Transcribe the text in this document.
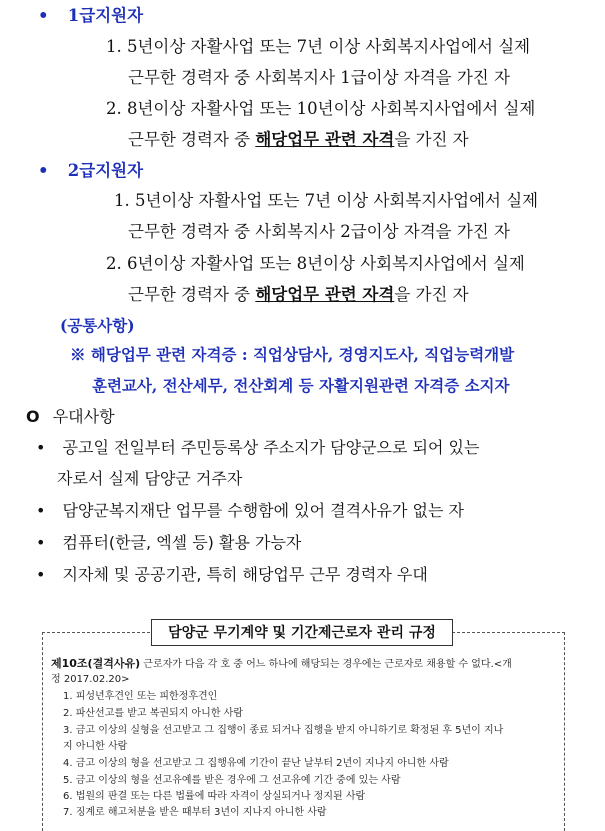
• 1급지원자
1. 5년이상 자활사업 또는 7년 이상 사회복지사업에서 실제
근무한 경력자 중 사회복지사 1급이상 자격을 가진 자
2. 8년이상 자활사업 또는 10년이상 사회복지사업에서 실제
근무한 경력자 중 해당업무 관련 자격을 가진 자
• 2급지원자
1. 5년이상 자활사업 또는 7년 이상 사회복지사업에서 실제
근무한 경력자 중 사회복지사 2급이상 자격을 가진 자
2. 6년이상 자활사업 또는 8년이상 사회복지사업에서 실제
근무한 경력자 중 해당업무 관련 자격을 가진 자
(공통사항)
※ 해당업무 관련 자격증 : 직업상담사, 경영지도사, 직업능력개발
훈련교사, 전산세무, 전산회계 등 자활지원관련 자격증 소지자
O 우대사항
• 공고일 전일부터 주민등록상 주소지가 담양군으로 되어 있는
자로서 실제 담양군 거주자
• 담양군복지재단 업무를 수행함에 있어 결격사유가 없는 자
• 컴퓨터(한글, 엑셀 등) 활용 가능자
• 지자체 및 공공기관, 특히 해당업무 근무 경력자 우대
담양군 무기계약 및 기간제근로자 관리 규정
제10조(결격사유) 근로자가 다음 각 호 중 어느 하나에 해당되는 경우에는 근로자로 채용할 수 없다.<개
정 2017.02.20>
1. 피성년후견인 또는 피한정후견인
2. 파산선고를 받고 복권되지 아니한 사람
3. 금고 이상의 실형을 선고받고 그 집행이 종료 되거나 집행을 받지 아니하기로 확정된 후 5년이 지나
지 아니한 사람
4. 금고 이상의 형을 선고받고 그 집행유예 기간이 끝난 날부터 2년이 지나지 아니한 사람
5. 금고 이상의 형을 선고유예를 받은 경우에 그 선고유예 기간 중에 있는 사람
6. 법원의 판결 또는 다른 법률에 따라 자격이 상실되거나 정지된 사람
7. 징계로 해고처분을 받은 때부터 3년이 지나지 아니한 사람
